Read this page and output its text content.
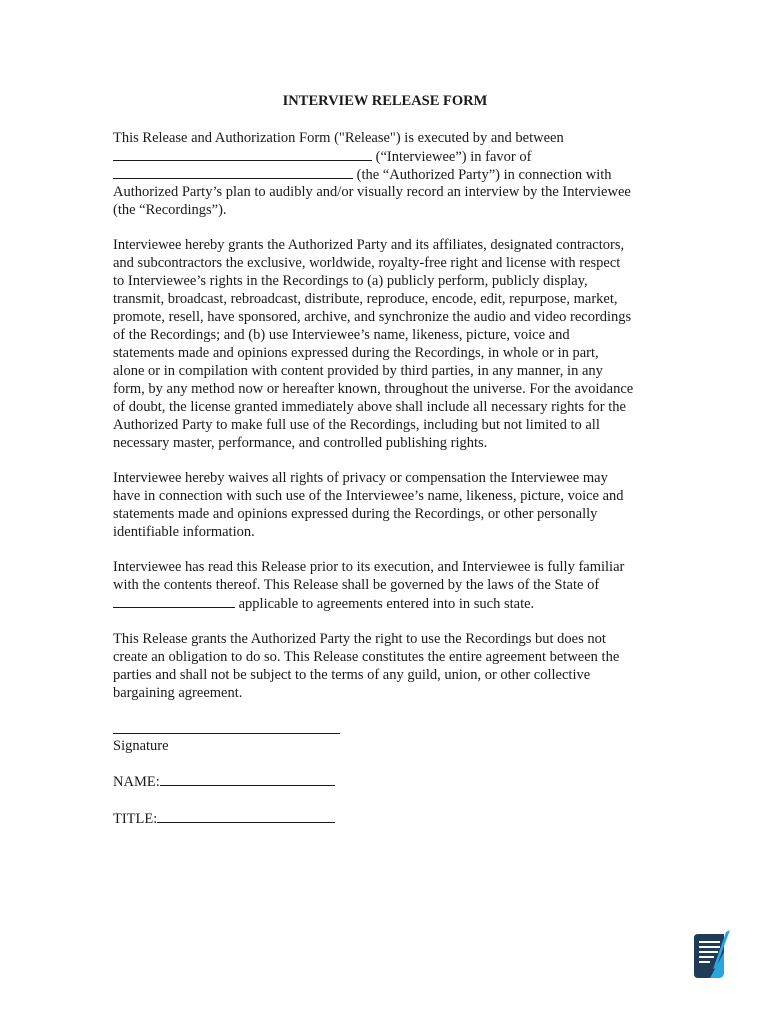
INTERVIEW RELEASE FORM
This Release and Authorization Form ("Release") is executed by and between
(“Interviewee”) in favor of
(the “Authorized Party”) in connection with
Authorized Party’s plan to audibly and/or visually record an interview by the Interviewee
(the “Recordings”).
Interviewee hereby grants the Authorized Party and its affiliates, designated contractors,
and subcontractors the exclusive, worldwide, royalty-free right and license with respect
to Interviewee’s rights in the Recordings to (a) publicly perform, publicly display,
transmit, broadcast, rebroadcast, distribute, reproduce, encode, edit, repurpose, market,
promote, resell, have sponsored, archive, and synchronize the audio and video recordings
of the Recordings; and (b) use Interviewee’s name, likeness, picture, voice and
statements made and opinions expressed during the Recordings, in whole or in part,
alone or in compilation with content provided by third parties, in any manner, in any
form, by any method now or hereafter known, throughout the universe. For the avoidance
of doubt, the license granted immediately above shall include all necessary rights for the
Authorized Party to make full use of the Recordings, including but not limited to all
necessary master, performance, and controlled publishing rights.
Interviewee hereby waives all rights of privacy or compensation the Interviewee may
have in connection with such use of the Interviewee’s name, likeness, picture, voice and
statements made and opinions expressed during the Recordings, or other personally
identifiable information.
Interviewee has read this Release prior to its execution, and Interviewee is fully familiar
with the contents thereof. This Release shall be governed by the laws of the State of
applicable to agreements entered into in such state.
This Release grants the Authorized Party the right to use the Recordings but does not
create an obligation to do so. This Release constitutes the entire agreement between the
parties and shall not be subject to the terms of any guild, union, or other collective
bargaining agreement.
Signature
NAME:
TITLE:
